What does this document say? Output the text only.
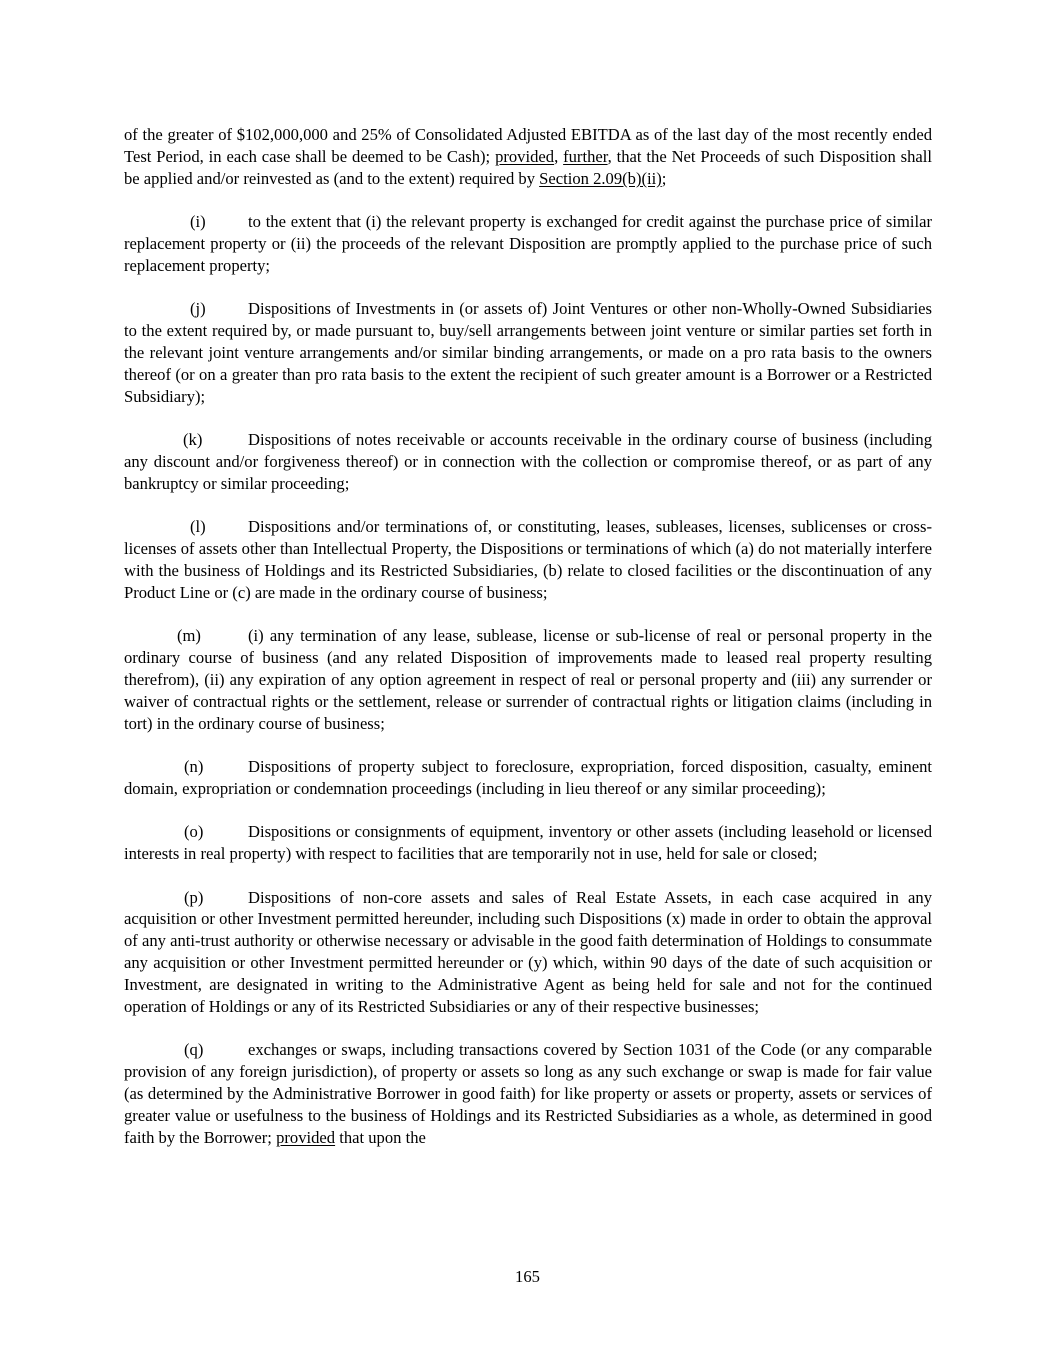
of the greater of $102,000,000 and 25% of Consolidated Adjusted EBITDA as of the last day of the most recently ended Test Period, in each case shall be deemed to be Cash); provided, further, that the Net Proceeds of such Disposition shall be applied and/or reinvested as (and to the extent) required by Section 2.09(b)(ii);

(i)	to the extent that (i) the relevant property is exchanged for credit against the purchase price of similar replacement property or (ii) the proceeds of the relevant Disposition are promptly applied to the purchase price of such replacement property;

(j)	Dispositions of Investments in (or assets of) Joint Ventures or other non-Wholly-Owned Subsidiaries to the extent required by, or made pursuant to, buy/sell arrangements between joint venture or similar parties set forth in the relevant joint venture arrangements and/or similar binding arrangements, or made on a pro rata basis to the owners thereof (or on a greater than pro rata basis to the extent the recipient of such greater amount is a Borrower or a Restricted Subsidiary);

(k)	Dispositions of notes receivable or accounts receivable in the ordinary course of business (including any discount and/or forgiveness thereof) or in connection with the collection or compromise thereof, or as part of any bankruptcy or similar proceeding;

(l)	Dispositions and/or terminations of, or constituting, leases, subleases, licenses, sublicenses or cross-licenses of assets other than Intellectual Property, the Dispositions or terminations of which (a) do not materially interfere with the business of Holdings and its Restricted Subsidiaries, (b) relate to closed facilities or the discontinuation of any Product Line or (c) are made in the ordinary course of business;

(m)	(i) any termination of any lease, sublease, license or sub-license of real or personal property in the ordinary course of business (and any related Disposition of improvements made to leased real property resulting therefrom), (ii) any expiration of any option agreement in respect of real or personal property and (iii) any surrender or waiver of contractual rights or the settlement, release or surrender of contractual rights or litigation claims (including in tort) in the ordinary course of business;

(n)	Dispositions of property subject to foreclosure, expropriation, forced disposition, casualty, eminent domain, expropriation or condemnation proceedings (including in lieu thereof or any similar proceeding);

(o)	Dispositions or consignments of equipment, inventory or other assets (including leasehold or licensed interests in real property) with respect to facilities that are temporarily not in use, held for sale or closed;

(p)	Dispositions of non-core assets and sales of Real Estate Assets, in each case acquired in any acquisition or other Investment permitted hereunder, including such Dispositions (x) made in order to obtain the approval of any anti-trust authority or otherwise necessary or advisable in the good faith determination of Holdings to consummate any acquisition or other Investment permitted hereunder or (y) which, within 90 days of the date of such acquisition or Investment, are designated in writing to the Administrative Agent as being held for sale and not for the continued operation of Holdings or any of its Restricted Subsidiaries or any of their respective businesses;

(q)	exchanges or swaps, including transactions covered by Section 1031 of the Code (or any comparable provision of any foreign jurisdiction), of property or assets so long as any such exchange or swap is made for fair value (as determined by the Administrative Borrower in good faith) for like property or assets or property, assets or services of greater value or usefulness to the business of Holdings and its Restricted Subsidiaries as a whole, as determined in good faith by the Borrower; provided that upon the

165
